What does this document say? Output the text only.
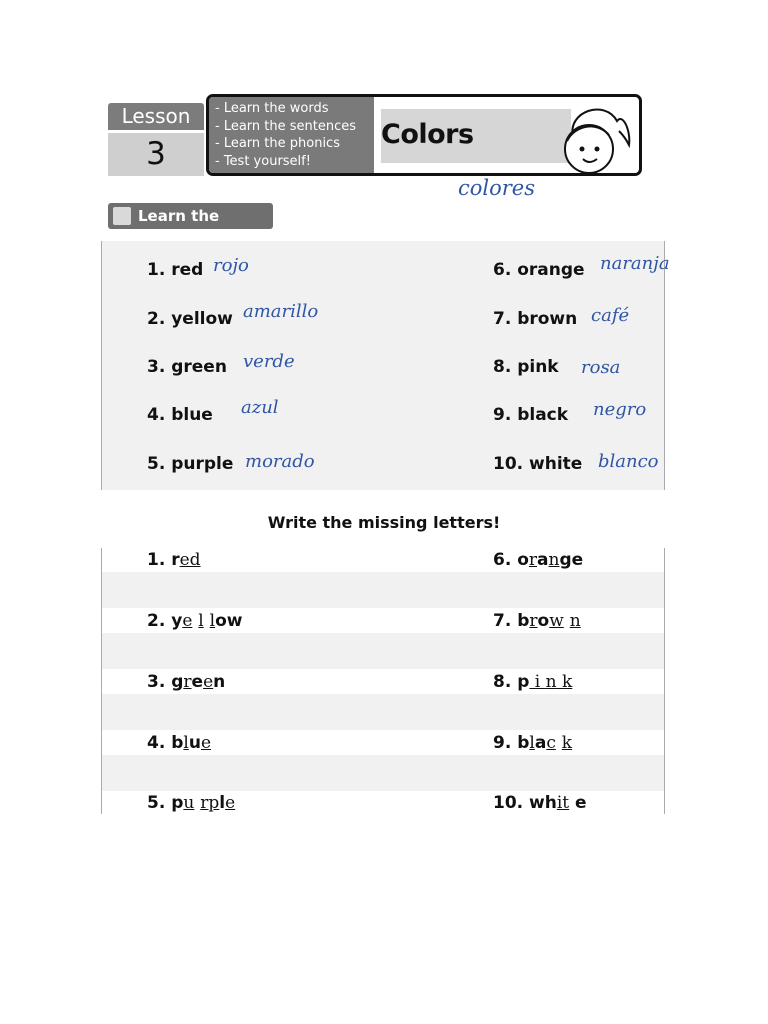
Lesson
3
- Learn the words
- Learn the sentences
- Learn the phonics
- Test yourself!
Colors
colores
Learn the
1. red rojo
2. yellow amarillo
3. green verde
4. blue azul
5. purple morado
6. orange naranja
7. brown café
8. pink rosa
9. black negro
10. white blanco
Write the missing letters!
1. red
2. ye l low
3. green
4. blue
5. pu rple
6. orange
7. brow n
8. p i n k
9. blac k
10. whit e
